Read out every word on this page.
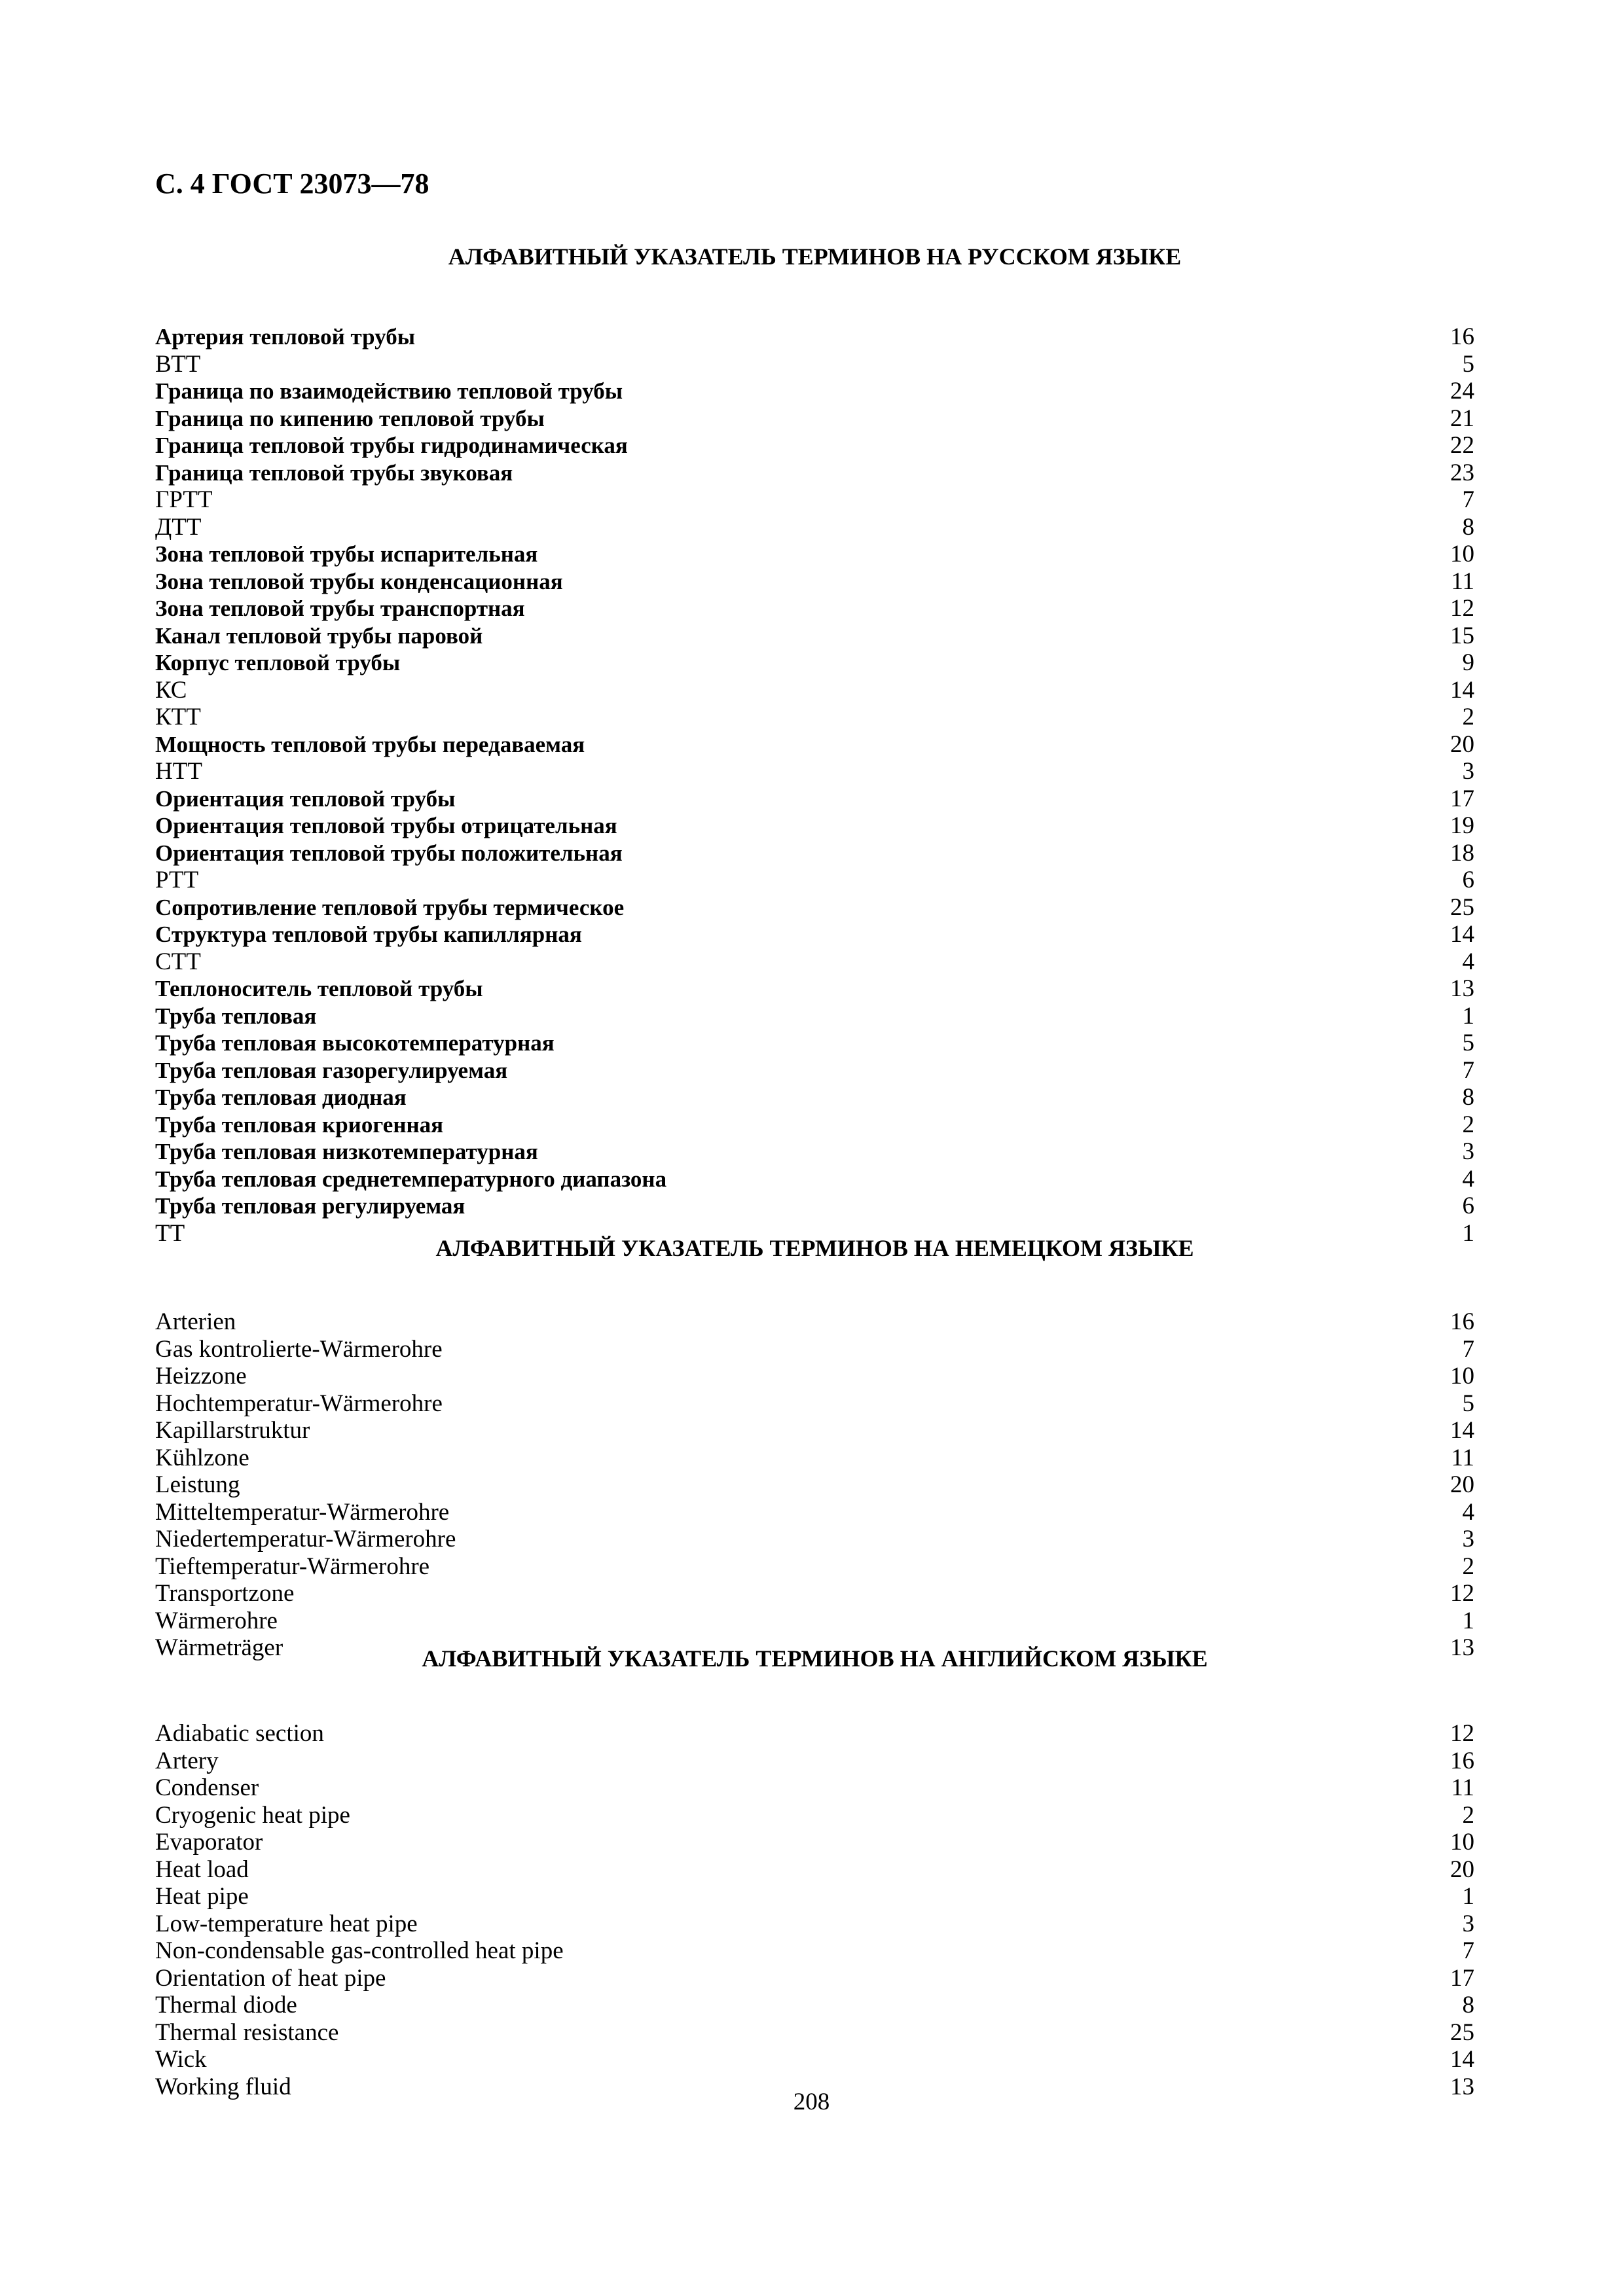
С. 4 ГОСТ 23073—78
АЛФАВИТНЫЙ УКАЗАТЕЛЬ ТЕРМИНОВ НА РУССКОМ ЯЗЫКЕ
Артерия тепловой трубы	16
ВТТ	5
Граница по взаимодействию тепловой трубы	24
Граница по кипению тепловой трубы	21
Граница тепловой трубы гидродинамическая	22
Граница тепловой трубы звуковая	23
ГРТТ	7
ДТТ	8
Зона тепловой трубы испарительная	10
Зона тепловой трубы конденсационная	11
Зона тепловой трубы транспортная	12
Канал тепловой трубы паровой	15
Корпус тепловой трубы	9
КС	14
КТТ	2
Мощность тепловой трубы передаваемая	20
НТТ	3
Ориентация тепловой трубы	17
Ориентация тепловой трубы отрицательная	19
Ориентация тепловой трубы положительная	18
РТТ	6
Сопротивление тепловой трубы термическое	25
Структура тепловой трубы капиллярная	14
СТТ	4
Теплоноситель тепловой трубы	13
Труба тепловая	1
Труба тепловая высокотемпературная	5
Труба тепловая газорегулируемая	7
Труба тепловая диодная	8
Труба тепловая криогенная	2
Труба тепловая низкотемпературная	3
Труба тепловая среднетемпературного диапазона	4
Труба тепловая регулируемая	6
ТТ	1
АЛФАВИТНЫЙ УКАЗАТЕЛЬ ТЕРМИНОВ НА НЕМЕЦКОМ ЯЗЫКЕ
Arterien	16
Gas kontrolierte-Wärmerohre	7
Heizzone	10
Hochtemperatur-Wärmerohre	5
Kapillarstruktur	14
Kühlzone	11
Leistung	20
Mitteltemperatur-Wärmerohre	4
Niedertemperatur-Wärmerohre	3
Tieftemperatur-Wärmerohre	2
Transportzone	12
Wärmerohre	1
Wärmeträger	13
АЛФАВИТНЫЙ УКАЗАТЕЛЬ ТЕРМИНОВ НА АНГЛИЙСКОМ ЯЗЫКЕ
Adiabatic section	12
Artery	16
Condenser	11
Cryogenic heat pipe	2
Evaporator	10
Heat load	20
Heat pipe	1
Low-temperature heat pipe	3
Non-condensable gas-controlled heat pipe	7
Orientation of heat pipe	17
Thermal diode	8
Thermal resistance	25
Wick	14
Working fluid	13
208
